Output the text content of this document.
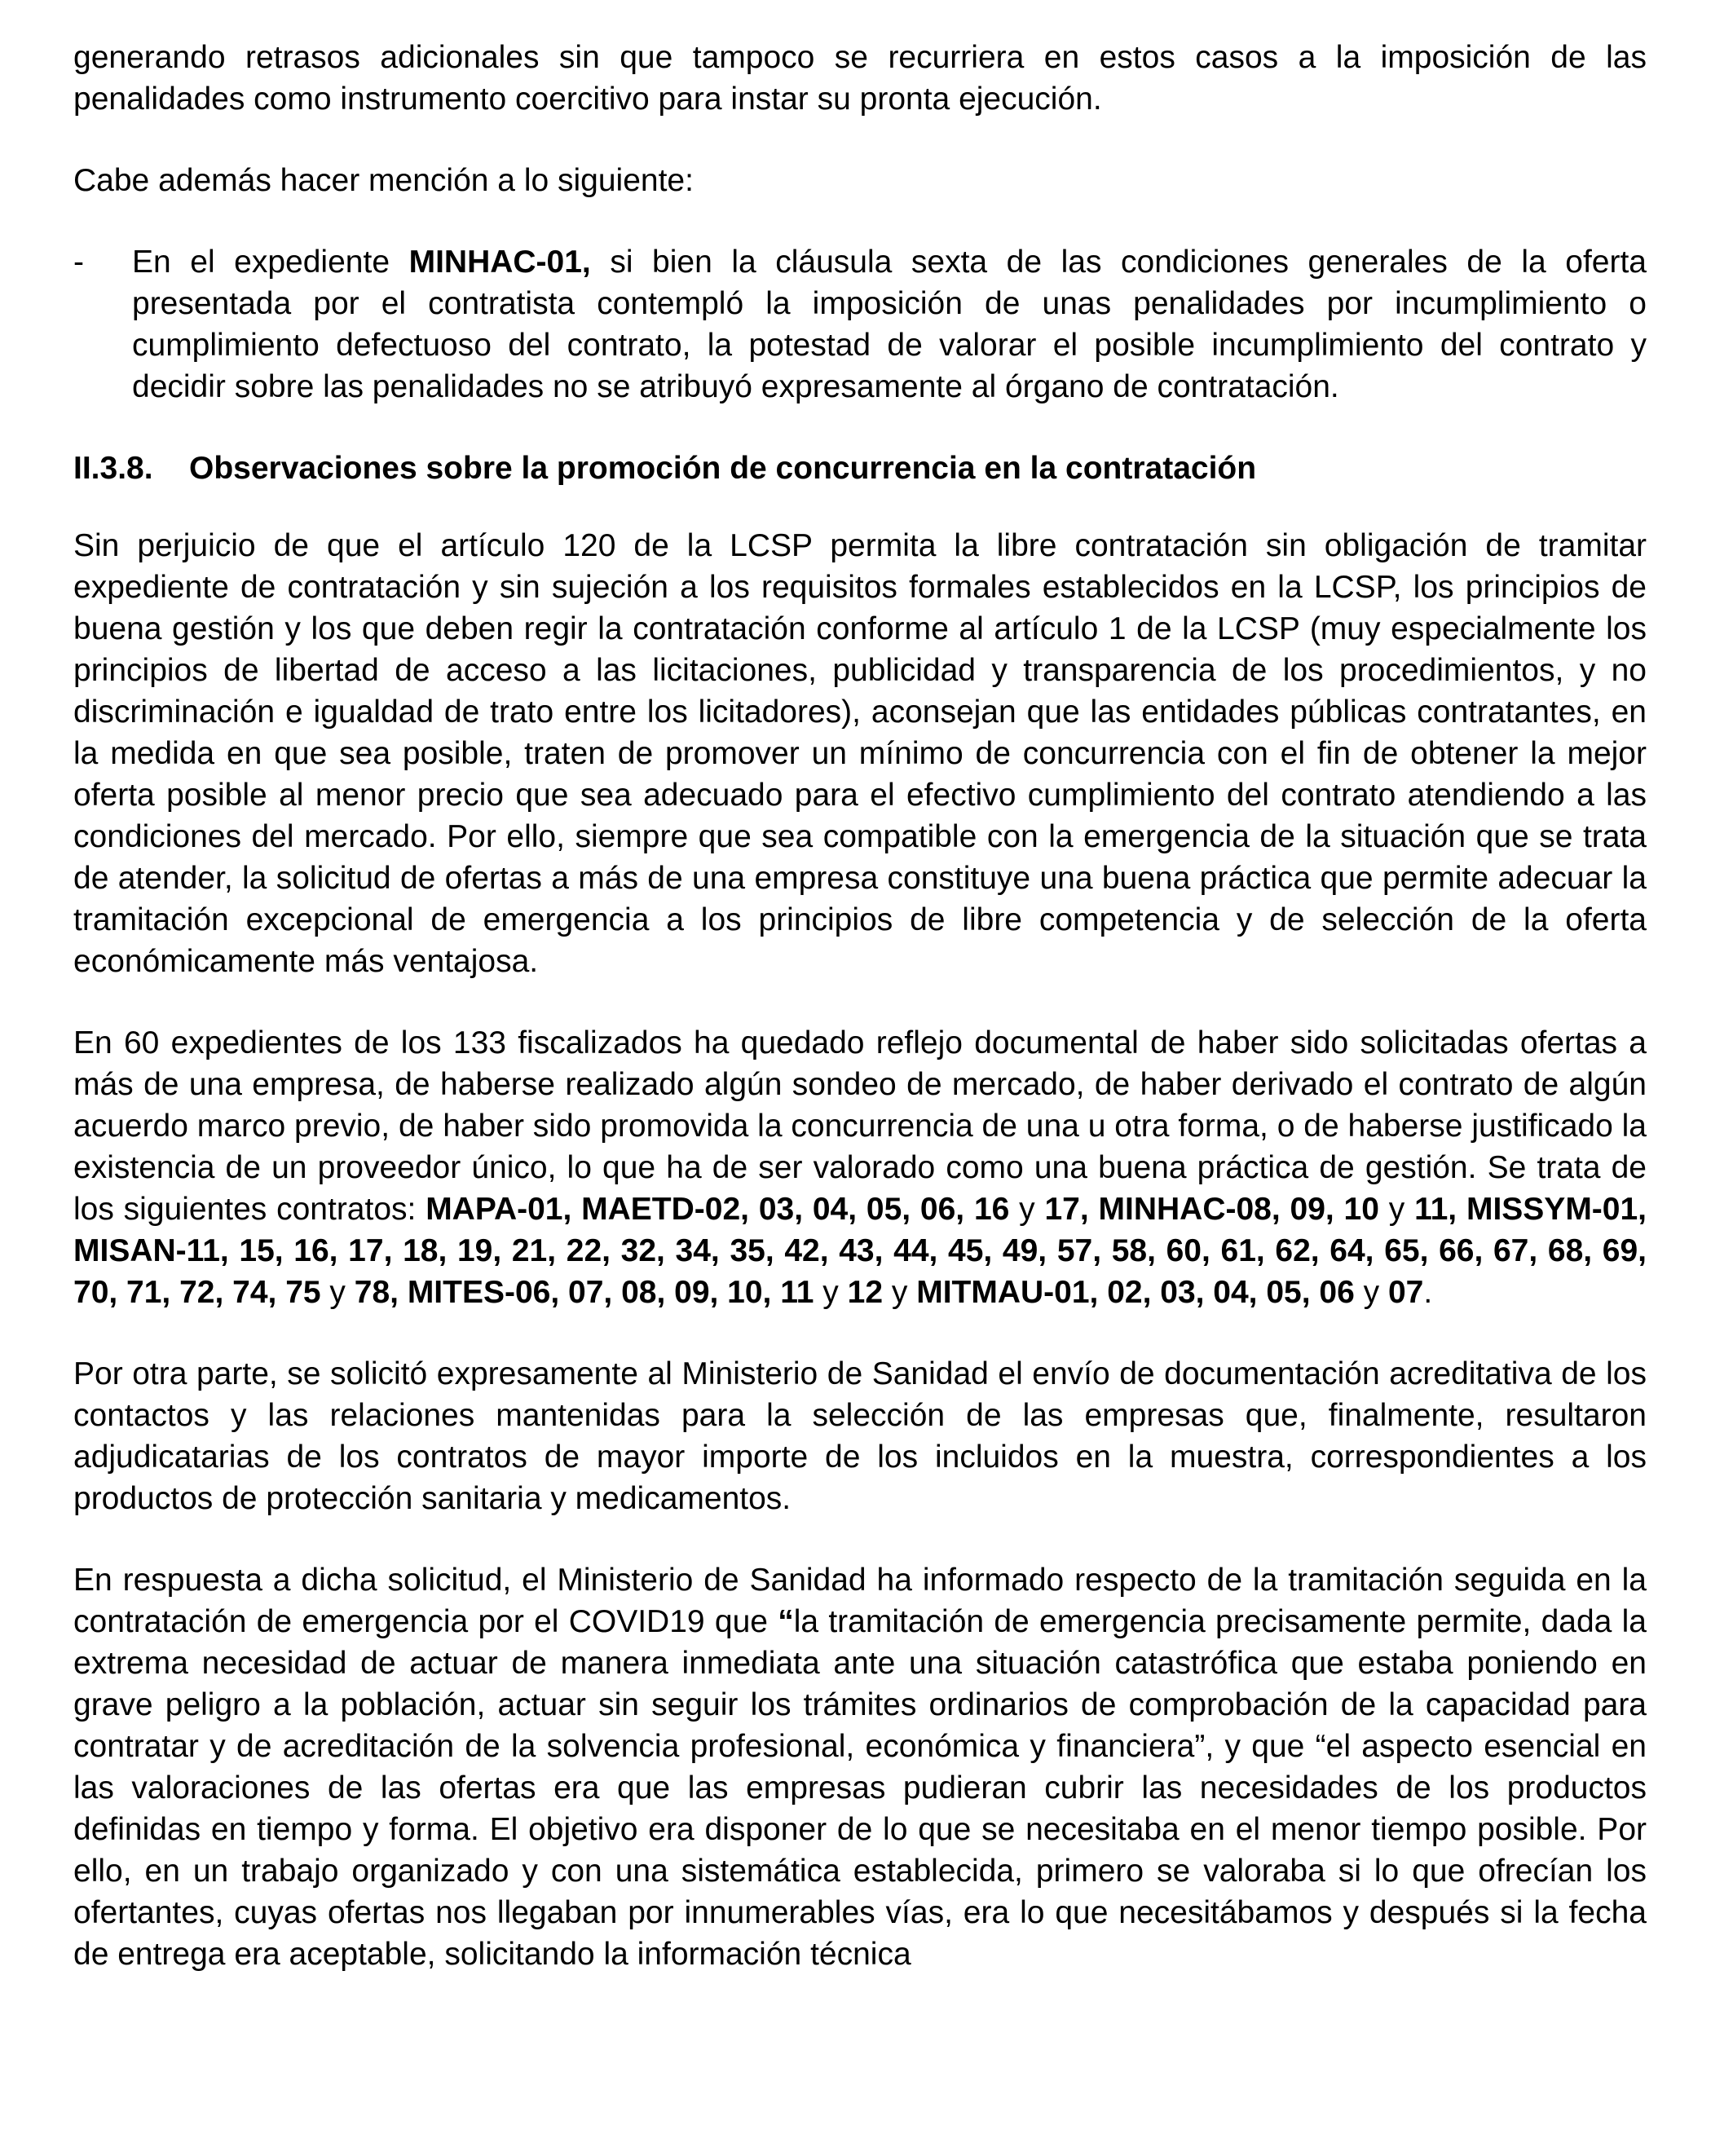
generando retrasos adicionales sin que tampoco se recurriera en estos casos a la imposición de las penalidades como instrumento coercitivo para instar su pronta ejecución.

Cabe además hacer mención a lo siguiente:

- En el expediente MINHAC-01, si bien la cláusula sexta de las condiciones generales de la oferta presentada por el contratista contempló la imposición de unas penalidades por incumplimiento o cumplimiento defectuoso del contrato, la potestad de valorar el posible incumplimiento del contrato y decidir sobre las penalidades no se atribuyó expresamente al órgano de contratación.
II.3.8. Observaciones sobre la promoción de concurrencia en la contratación

Sin perjuicio de que el artículo 120 de la LCSP permita la libre contratación sin obligación de tramitar expediente de contratación y sin sujeción a los requisitos formales establecidos en la LCSP, los principios de buena gestión y los que deben regir la contratación conforme al artículo 1 de la LCSP (muy especialmente los principios de libertad de acceso a las licitaciones, publicidad y transparencia de los procedimientos, y no discriminación e igualdad de trato entre los licitadores), aconsejan que las entidades públicas contratantes, en la medida en que sea posible, traten de promover un mínimo de concurrencia con el fin de obtener la mejor oferta posible al menor precio que sea adecuado para el efectivo cumplimiento del contrato atendiendo a las condiciones del mercado. Por ello, siempre que sea compatible con la emergencia de la situación que se trata de atender, la solicitud de ofertas a más de una empresa constituye una buena práctica que permite adecuar la tramitación excepcional de emergencia a los principios de libre competencia y de selección de la oferta económicamente más ventajosa.

En 60 expedientes de los 133 fiscalizados ha quedado reflejo documental de haber sido solicitadas ofertas a más de una empresa, de haberse realizado algún sondeo de mercado, de haber derivado el contrato de algún acuerdo marco previo, de haber sido promovida la concurrencia de una u otra forma, o de haberse justificado la existencia de un proveedor único, lo que ha de ser valorado como una buena práctica de gestión. Se trata de los siguientes contratos: MAPA-01, MAETD-02, 03, 04, 05, 06, 16 y 17, MINHAC-08, 09, 10 y 11, MISSYM-01, MISAN-11, 15, 16, 17, 18, 19, 21, 22, 32, 34, 35, 42, 43, 44, 45, 49, 57, 58, 60, 61, 62, 64, 65, 66, 67, 68, 69, 70, 71, 72, 74, 75 y 78, MITES-06, 07, 08, 09, 10, 11 y 12 y MITMAU-01, 02, 03, 04, 05, 06 y 07.

Por otra parte, se solicitó expresamente al Ministerio de Sanidad el envío de documentación acreditativa de los contactos y las relaciones mantenidas para la selección de las empresas que, finalmente, resultaron adjudicatarias de los contratos de mayor importe de los incluidos en la muestra, correspondientes a los productos de protección sanitaria y medicamentos.

En respuesta a dicha solicitud, el Ministerio de Sanidad ha informado respecto de la tramitación seguida en la contratación de emergencia por el COVID19 que “la tramitación de emergencia precisamente permite, dada la extrema necesidad de actuar de manera inmediata ante una situación catastrófica que estaba poniendo en grave peligro a la población, actuar sin seguir los trámites ordinarios de comprobación de la capacidad para contratar y de acreditación de la solvencia profesional, económica y financiera”, y que “el aspecto esencial en las valoraciones de las ofertas era que las empresas pudieran cubrir las necesidades de los productos definidas en tiempo y forma. El objetivo era disponer de lo que se necesitaba en el menor tiempo posible. Por ello, en un trabajo organizado y con una sistemática establecida, primero se valoraba si lo que ofrecían los ofertantes, cuyas ofertas nos llegaban por innumerables vías, era lo que necesitábamos y después si la fecha de entrega era aceptable, solicitando la información técnica
